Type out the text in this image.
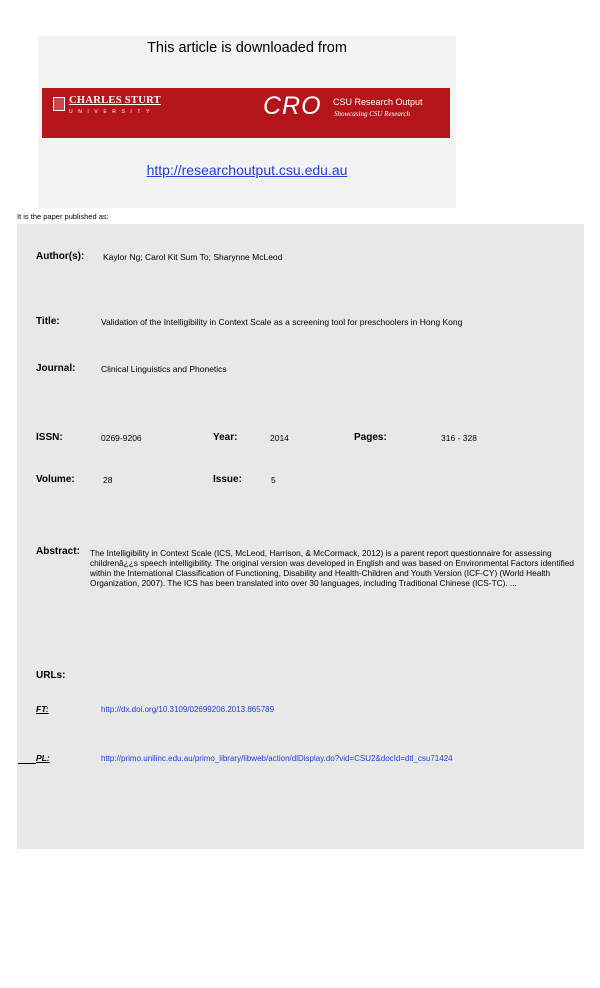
This article is downloaded from
CHARLES STURT
UNIVERSITY	CRO CSU Research Output
Showcasing CSU Research
http://researchoutput.csu.edu.au
It is the paper published as:
Author(s): Kaylor Ng; Carol Kit Sum To; Sharynne McLeod
Title:	Validation of the Intelligibility in Context Scale as a screening tool for preschoolers in Hong Kong
Journal:	Clinical Linguistics and Phonetics
ISSN:	0269-9206	Year:	2014	Pages:	316 - 328
Volume:	28	Issue:	5
Abstract: The Intelligibility in Context Scale (ICS, McLeod, Harrison, & McCormack, 2012) is a parent report questionnaire for assessing childrenâ¿¿s speech intelligibility. The original version was developed in English and was based on Environmental Factors identified within the International Classification of Functioning, Disability and Health-Children and Youth Version (ICF-CY) (World Health Organization, 2007). The ICS has been translated into over 30 languages, including Traditional Chinese (ICS-TC). ...
URLs:
FT:	http://dx.doi.org/10.3109/02699206.2013.865789
PL:	http://primo.unilinc.edu.au/primo_library/libweb/action/dlDisplay.do?vid=CSU2&docId=dtl_csu71424
